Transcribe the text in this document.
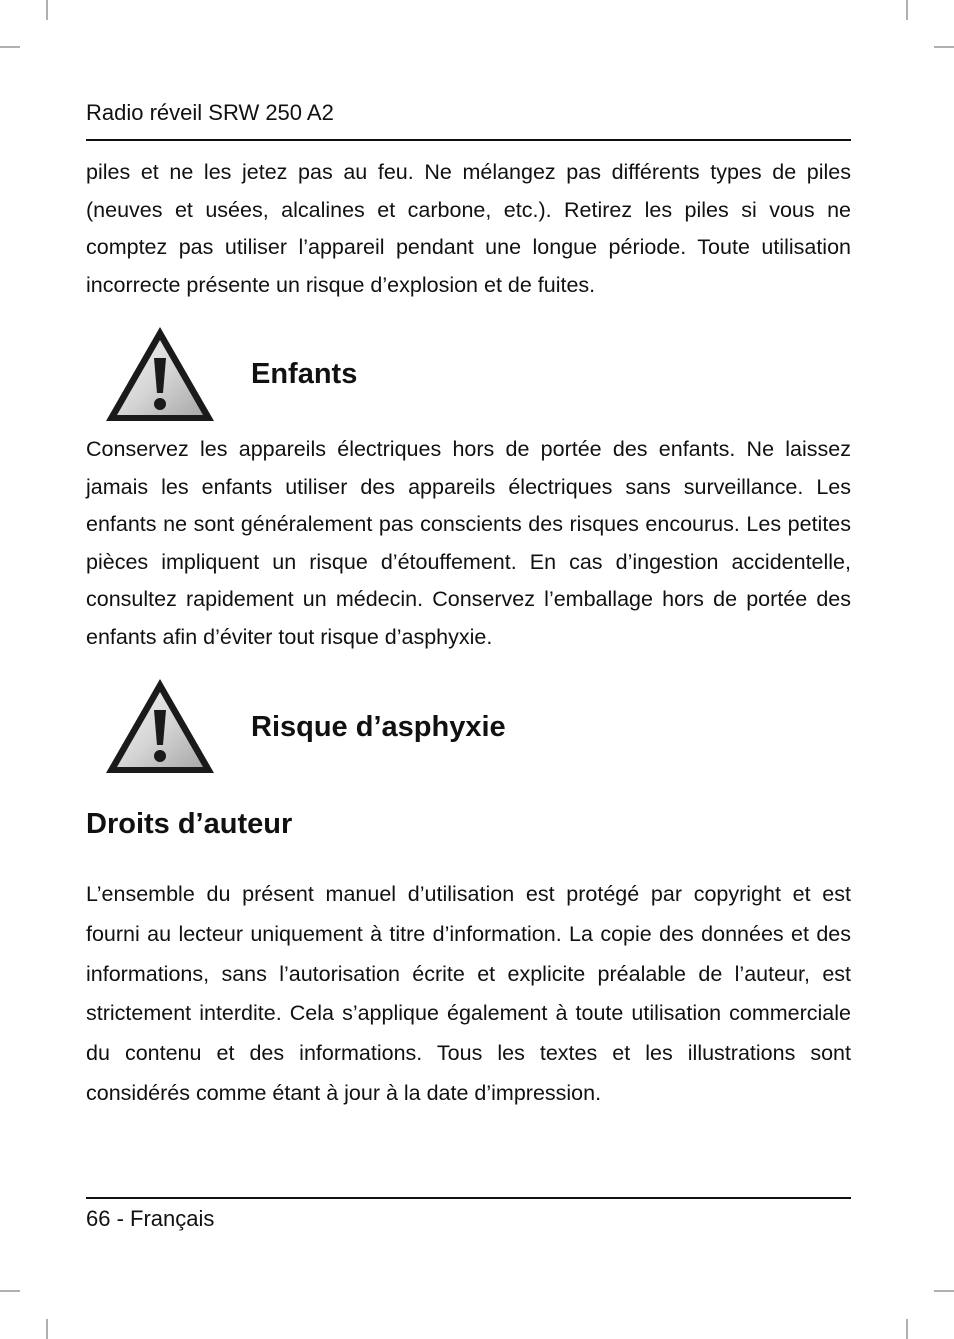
Radio réveil SRW 250 A2

piles et ne les jetez pas au feu. Ne mélangez pas différents types de piles (neuves et usées, alcalines et carbone, etc.). Retirez les piles si vous ne comptez pas utiliser l’appareil pendant une longue période. Toute utilisation incorrecte présente un risque d’explosion et de fuites.

Enfants

Conservez les appareils électriques hors de portée des enfants. Ne laissez jamais les enfants utiliser des appareils électriques sans surveillance. Les enfants ne sont généralement pas conscients des risques encourus. Les petites pièces impliquent un risque d’étouffement. En cas d’ingestion accidentelle, consultez rapidement un médecin. Conservez l’emballage hors de portée des enfants afin d’éviter tout risque d’asphyxie.

Risque d’asphyxie
Droits d’auteur

L’ensemble du présent manuel d’utilisation est protégé par copyright et est fourni au lecteur uniquement à titre d’information. La copie des données et des informations, sans l’autorisation écrite et explicite préalable de l’auteur, est strictement interdite. Cela s’applique également à toute utilisation commerciale du contenu et des informations. Tous les textes et les illustrations sont considérés comme étant à jour à la date d’impression.

66 - Français
